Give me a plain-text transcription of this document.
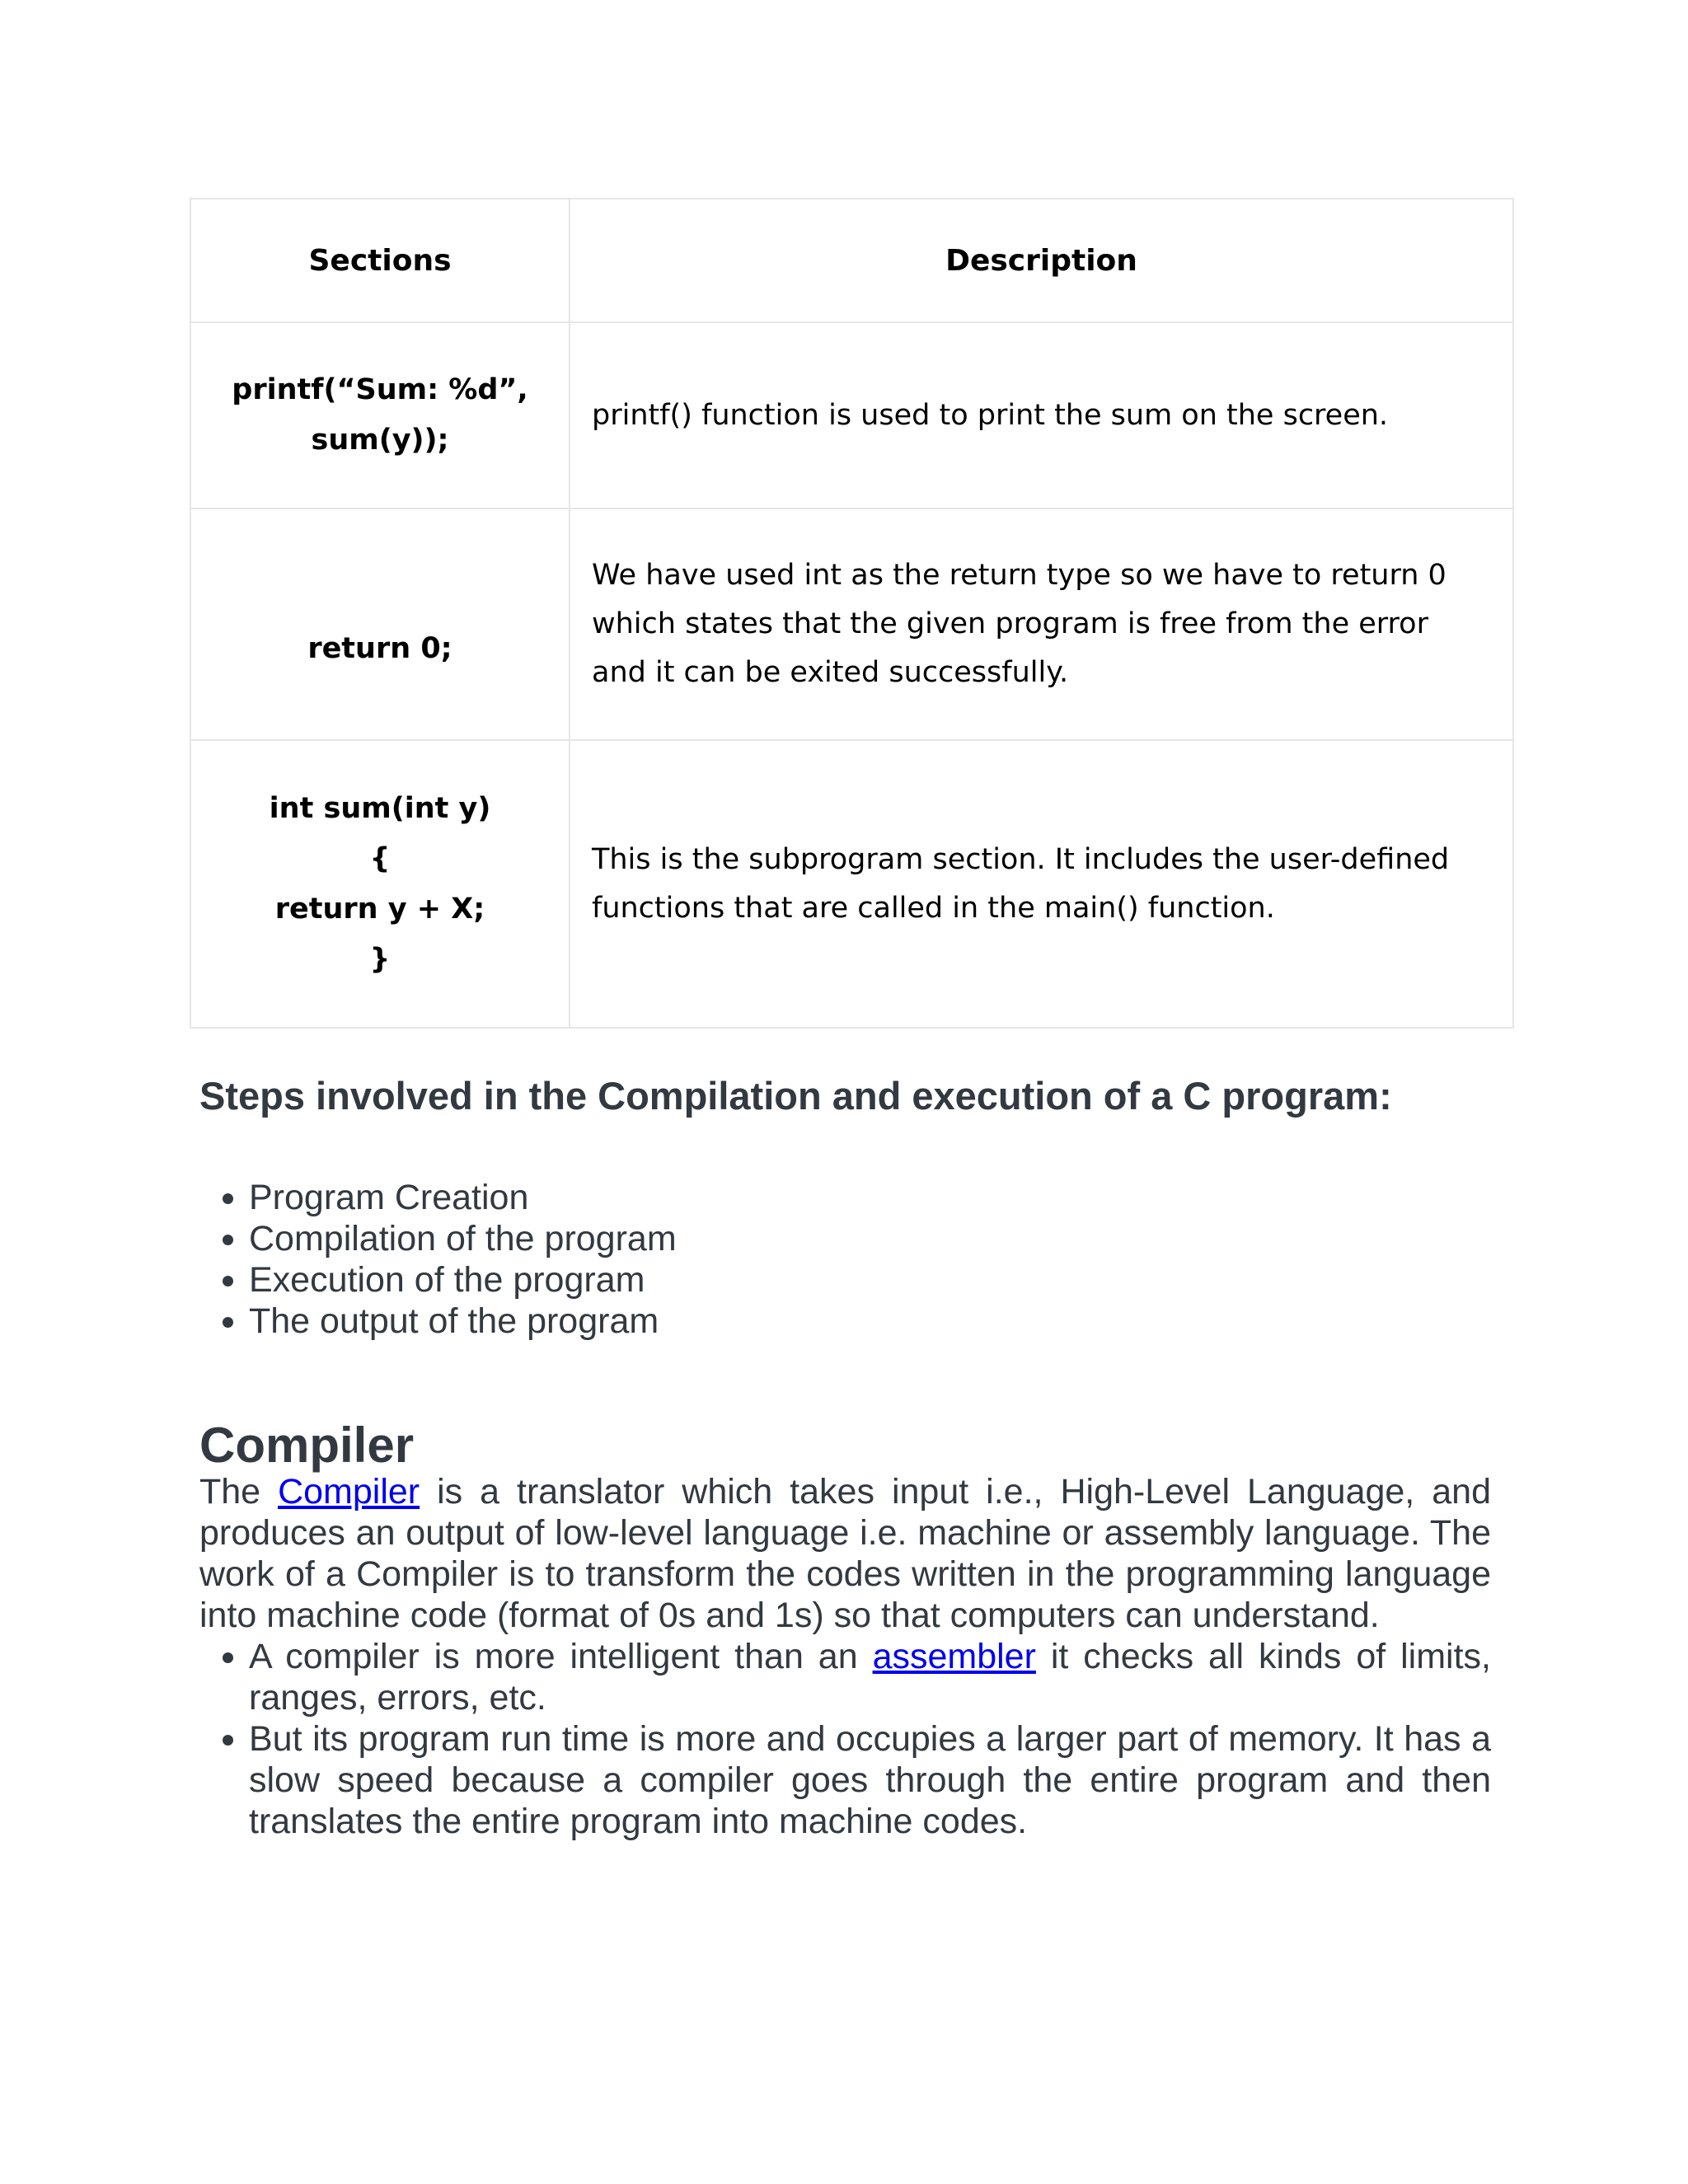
Sections	Description

printf(“Sum: %d”,
sum(y));	printf() function is used to print the sum on the screen.

return 0;	We have used int as the return type so we have to return 0 which states that the given program is free from the error and it can be exited successfully.

int sum(int y)
{
return y + X;
}	This is the subprogram section. It includes the user-defined functions that are called in the main() function.
Steps involved in the Compilation and execution of a C program:
• Program Creation
• Compilation of the program
• Execution of the program
• The output of the program
Compiler

The Compiler is a translator which takes input i.e., High-Level Language, and produces an output of low-level language i.e. machine or assembly language. The work of a Compiler is to transform the codes written in the programming language into machine code (format of 0s and 1s) so that computers can understand.

• A compiler is more intelligent than an assembler it checks all kinds of limits, ranges, errors, etc.
• But its program run time is more and occupies a larger part of memory. It has a slow speed because a compiler goes through the entire program and then translates the entire program into machine codes.
